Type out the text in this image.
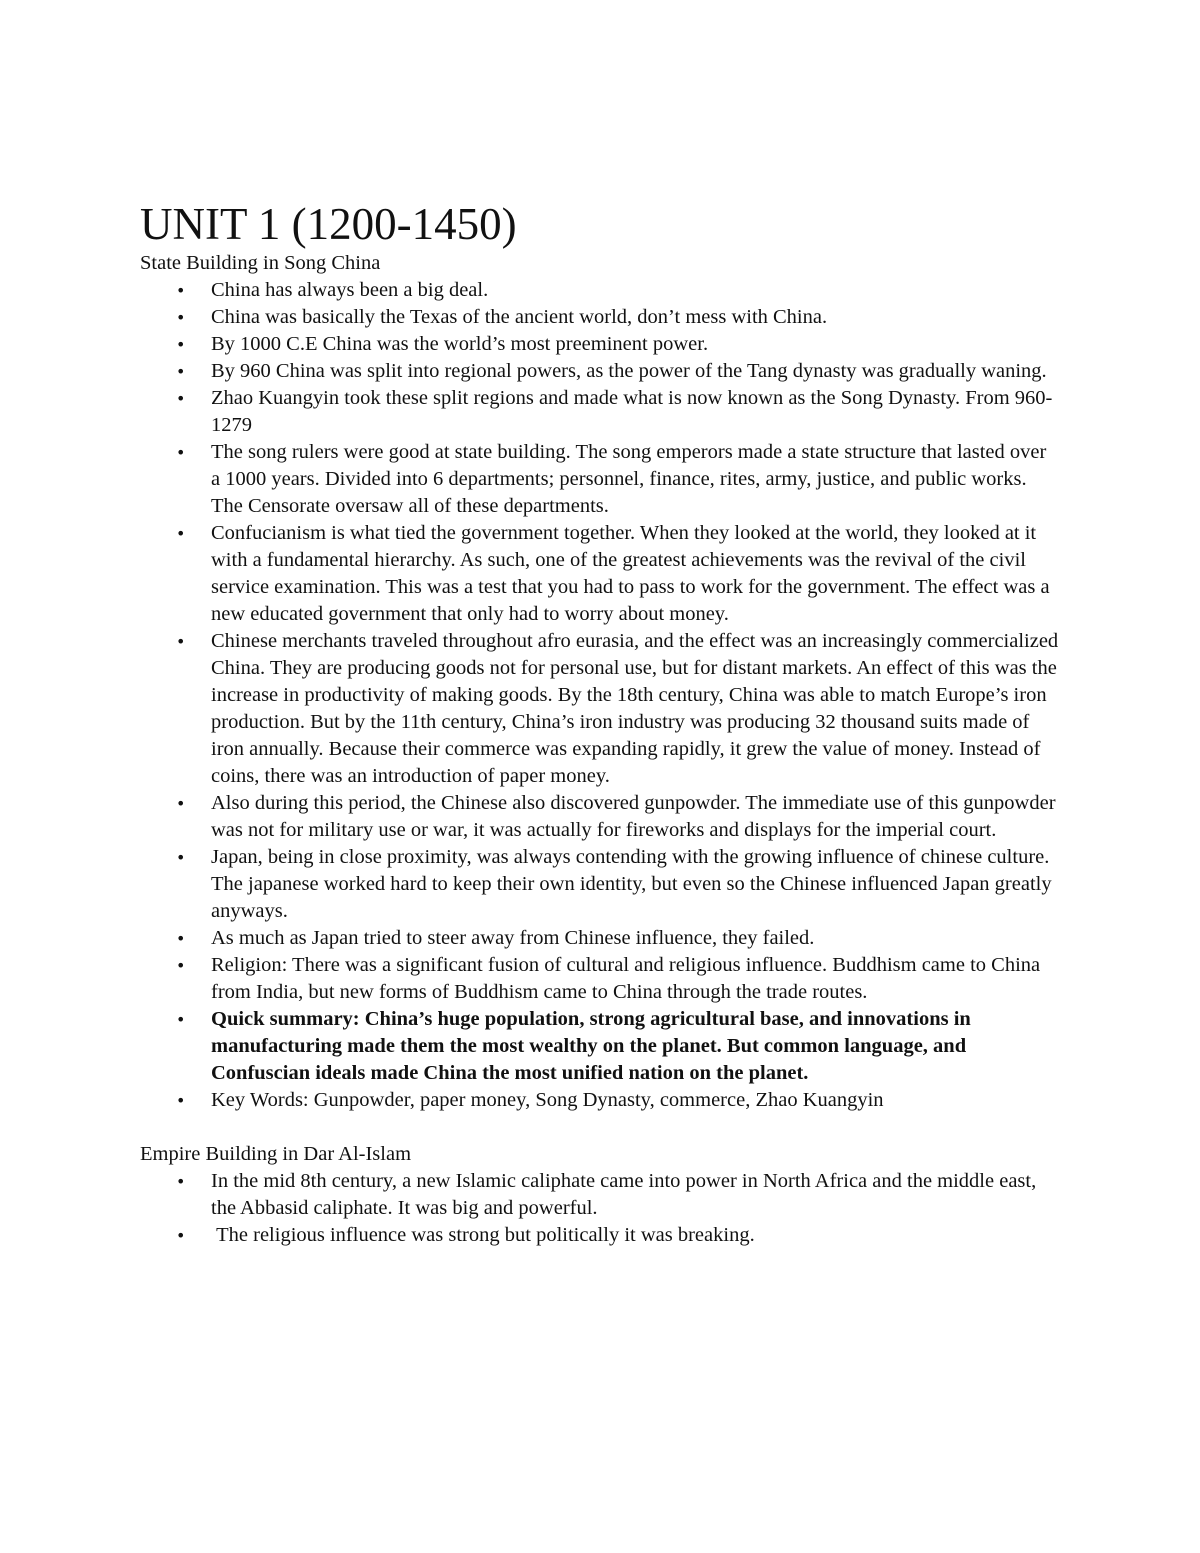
UNIT 1 (1200-1450)
State Building in Song China
• China has always been a big deal.
• China was basically the Texas of the ancient world, don’t mess with China.
• By 1000 C.E China was the world’s most preeminent power.
• By 960 China was split into regional powers, as the power of the Tang dynasty was gradually waning.
• Zhao Kuangyin took these split regions and made what is now known as the Song Dynasty. From 960-1279
• The song rulers were good at state building. The song emperors made a state structure that lasted over a 1000 years. Divided into 6 departments; personnel, finance, rites, army, justice, and public works. The Censorate oversaw all of these departments.
• Confucianism is what tied the government together. When they looked at the world, they looked at it with a fundamental hierarchy. As such, one of the greatest achievements was the revival of the civil service examination. This was a test that you had to pass to work for the government. The effect was a new educated government that only had to worry about money.
• Chinese merchants traveled throughout afro eurasia, and the effect was an increasingly commercialized China. They are producing goods not for personal use, but for distant markets. An effect of this was the increase in productivity of making goods. By the 18th century, China was able to match Europe’s iron production. But by the 11th century, China’s iron industry was producing 32 thousand suits made of iron annually. Because their commerce was expanding rapidly, it grew the value of money. Instead of coins, there was an introduction of paper money.
• Also during this period, the Chinese also discovered gunpowder. The immediate use of this gunpowder was not for military use or war, it was actually for fireworks and displays for the imperial court.
• Japan, being in close proximity, was always contending with the growing influence of chinese culture. The japanese worked hard to keep their own identity, but even so the Chinese influenced Japan greatly anyways.
• As much as Japan tried to steer away from Chinese influence, they failed.
• Religion: There was a significant fusion of cultural and religious influence. Buddhism came to China from India, but new forms of Buddhism came to China through the trade routes.
• Quick summary: China’s huge population, strong agricultural base, and innovations in manufacturing made them the most wealthy on the planet. But common language, and Confuscian ideals made China the most unified nation on the planet.
• Key Words: Gunpowder, paper money, Song Dynasty, commerce, Zhao Kuangyin
Empire Building in Dar Al-Islam
• In the mid 8th century, a new Islamic caliphate came into power in North Africa and the middle east, the Abbasid caliphate. It was big and powerful.
• The religious influence was strong but politically it was breaking.
